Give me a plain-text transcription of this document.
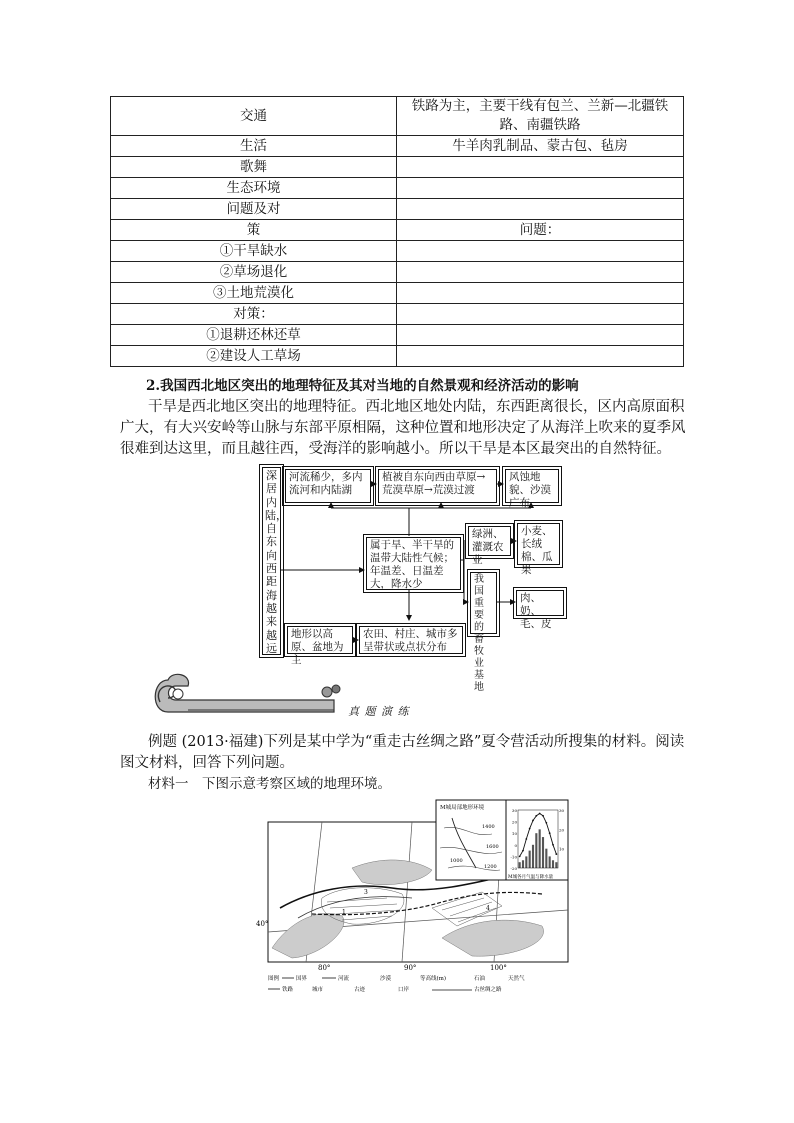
交通	铁路为主，主要干线有包兰、兰新—北疆铁路、南疆铁路
生活	牛羊肉乳制品、蒙古包、毡房
歌舞	
生态环境	
问题及对	
策	问题：
①干旱缺水	
②草场退化	
③土地荒漠化	
对策：	
①退耕还林还草	
②建设人工草场	

2.我国西北地区突出的地理特征及其对当地的自然景观和经济活动的影响

干旱是西北地区突出的地理特征。西北地区地处内陆，东西距离很长，区内高原面积广大，有大兴安岭等山脉与东部平原相隔，这种位置和地形决定了从海洋上吹来的夏季风很难到达这里，而且越往西，受海洋的影响越小。所以干旱是本区最突出的自然特征。

深居内陆，自东向西距海越来越远
河流稀少，多内流河和内陆湖
植被自东向西由草原→荒漠草原→荒漠过渡
风蚀地貌、沙漠广布
属于旱、半干旱的温带大陆性气候；年温差、日温差大，降水少
绿洲、灌溉农业
小麦、长绒棉、瓜果
我国重要的畜牧业基地
肉、奶、毛、皮
地形以高原、盆地为主
农田、村庄、城市多呈带状或点状分布
真 题 演 练

例题 (2013·福建)下列是某中学为“重走古丝绸之路”夏令营活动所搜集的材料。阅读图文材料，回答下列问题。

材料一　下图示意考察区域的地理环境。

40°
80°	90°	100°
4
1
3
M城局部地形环境
1400
1600
1000
1200
30
20
10
0
-10
-20
30
20
10
M城各月气温与降水量
图例	国界	河流	沙漠	等高线(m)	石油	天然气
铁路	城市	古迹	口岸	古丝绸之路
